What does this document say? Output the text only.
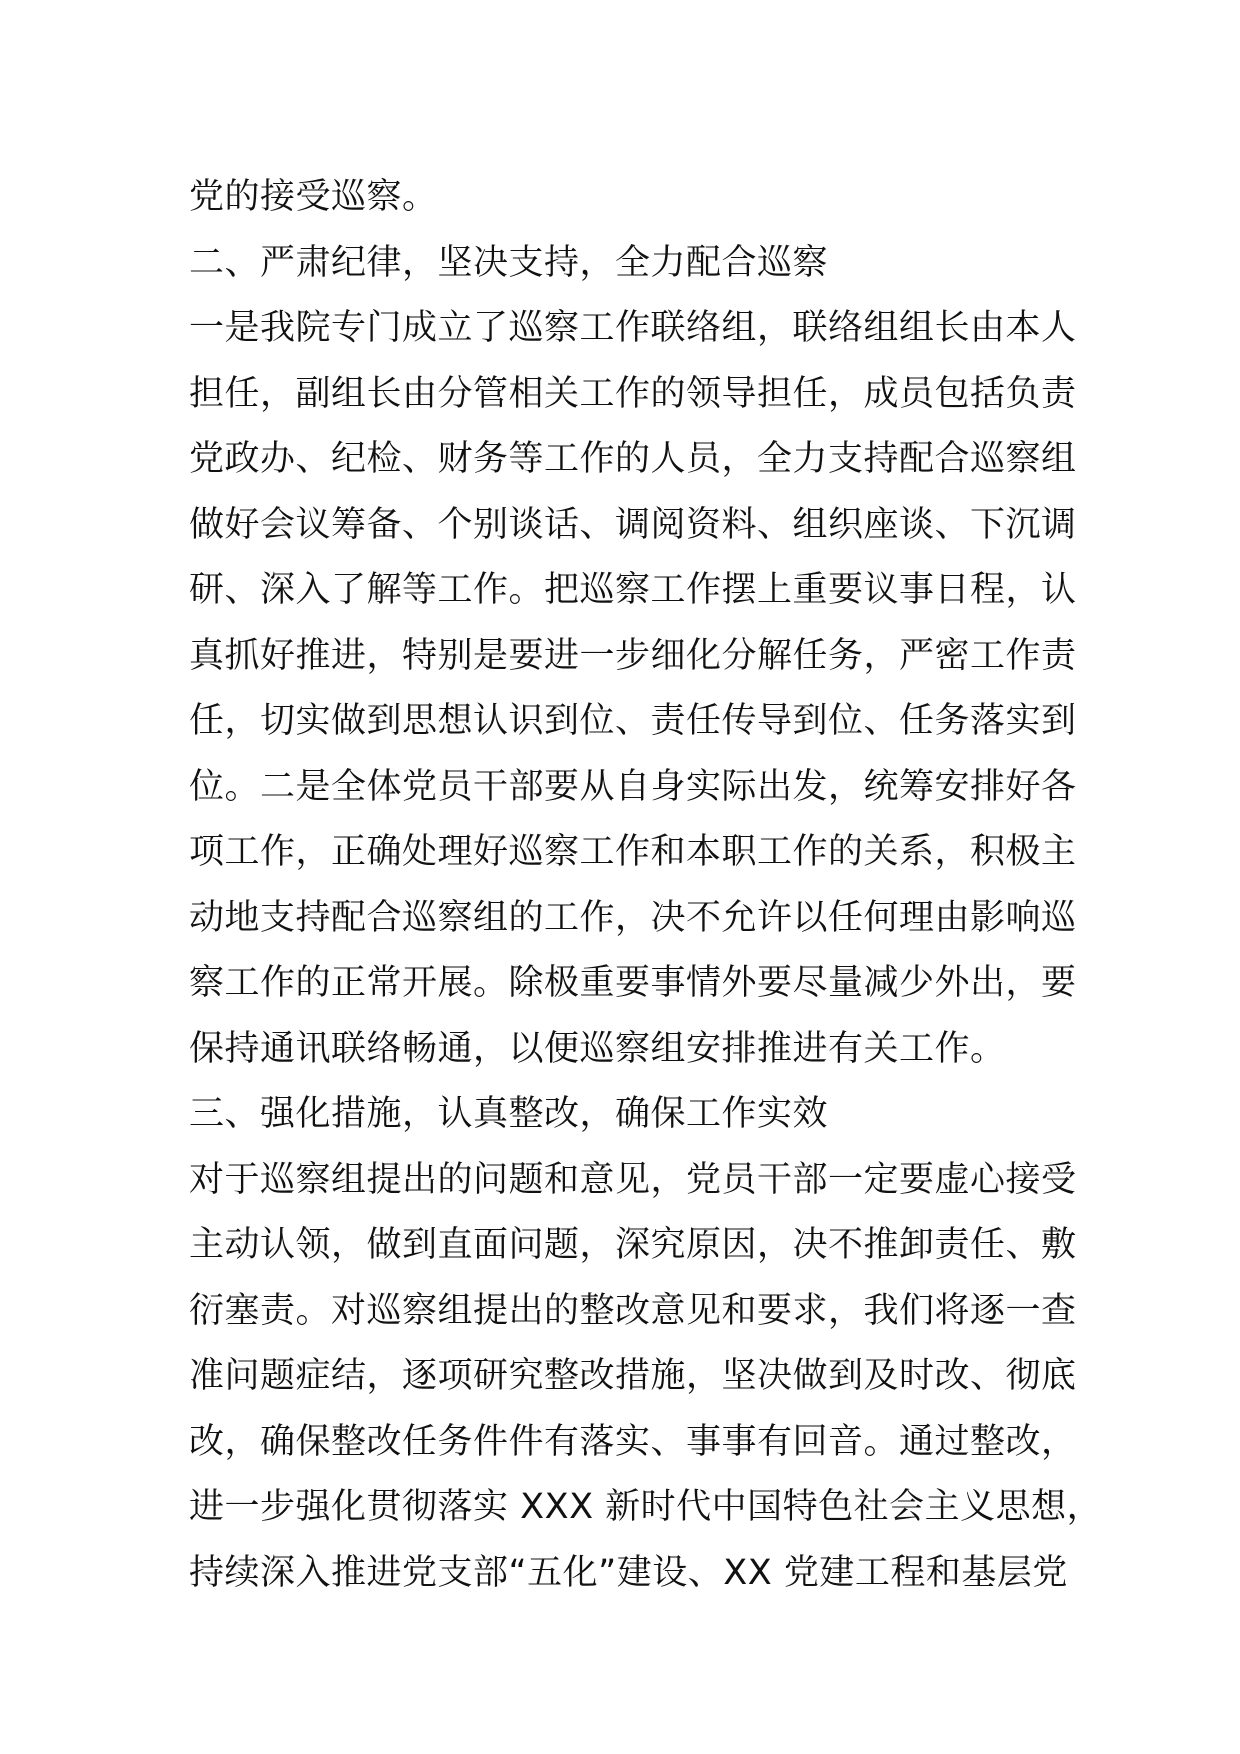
党的接受巡察。
二、严肃纪律，坚决支持，全力配合巡察
一是我院专门成立了巡察工作联络组，联络组组长由本人
担任，副组长由分管相关工作的领导担任，成员包括负责
党政办、纪检、财务等工作的人员，全力支持配合巡察组
做好会议筹备、个别谈话、调阅资料、组织座谈、下沉调
研、深入了解等工作。把巡察工作摆上重要议事日程，认
真抓好推进，特别是要进一步细化分解任务，严密工作责
任，切实做到思想认识到位、责任传导到位、任务落实到
位。二是全体党员干部要从自身实际出发，统筹安排好各
项工作，正确处理好巡察工作和本职工作的关系，积极主
动地支持配合巡察组的工作，决不允许以任何理由影响巡
察工作的正常开展。除极重要事情外要尽量减少外出，要
保持通讯联络畅通，以便巡察组安排推进有关工作。
三、强化措施，认真整改，确保工作实效
对于巡察组提出的问题和意见，党员干部一定要虚心接受
主动认领，做到直面问题，深究原因，决不推卸责任、敷
衍塞责。对巡察组提出的整改意见和要求，我们将逐一查
准问题症结，逐项研究整改措施，坚决做到及时改、彻底
改，确保整改任务件件有落实、事事有回音。通过整改，
进一步强化贯彻落实 XXX 新时代中国特色社会主义思想，
持续深入推进党支部“五化”建设、XX 党建工程和基层党
